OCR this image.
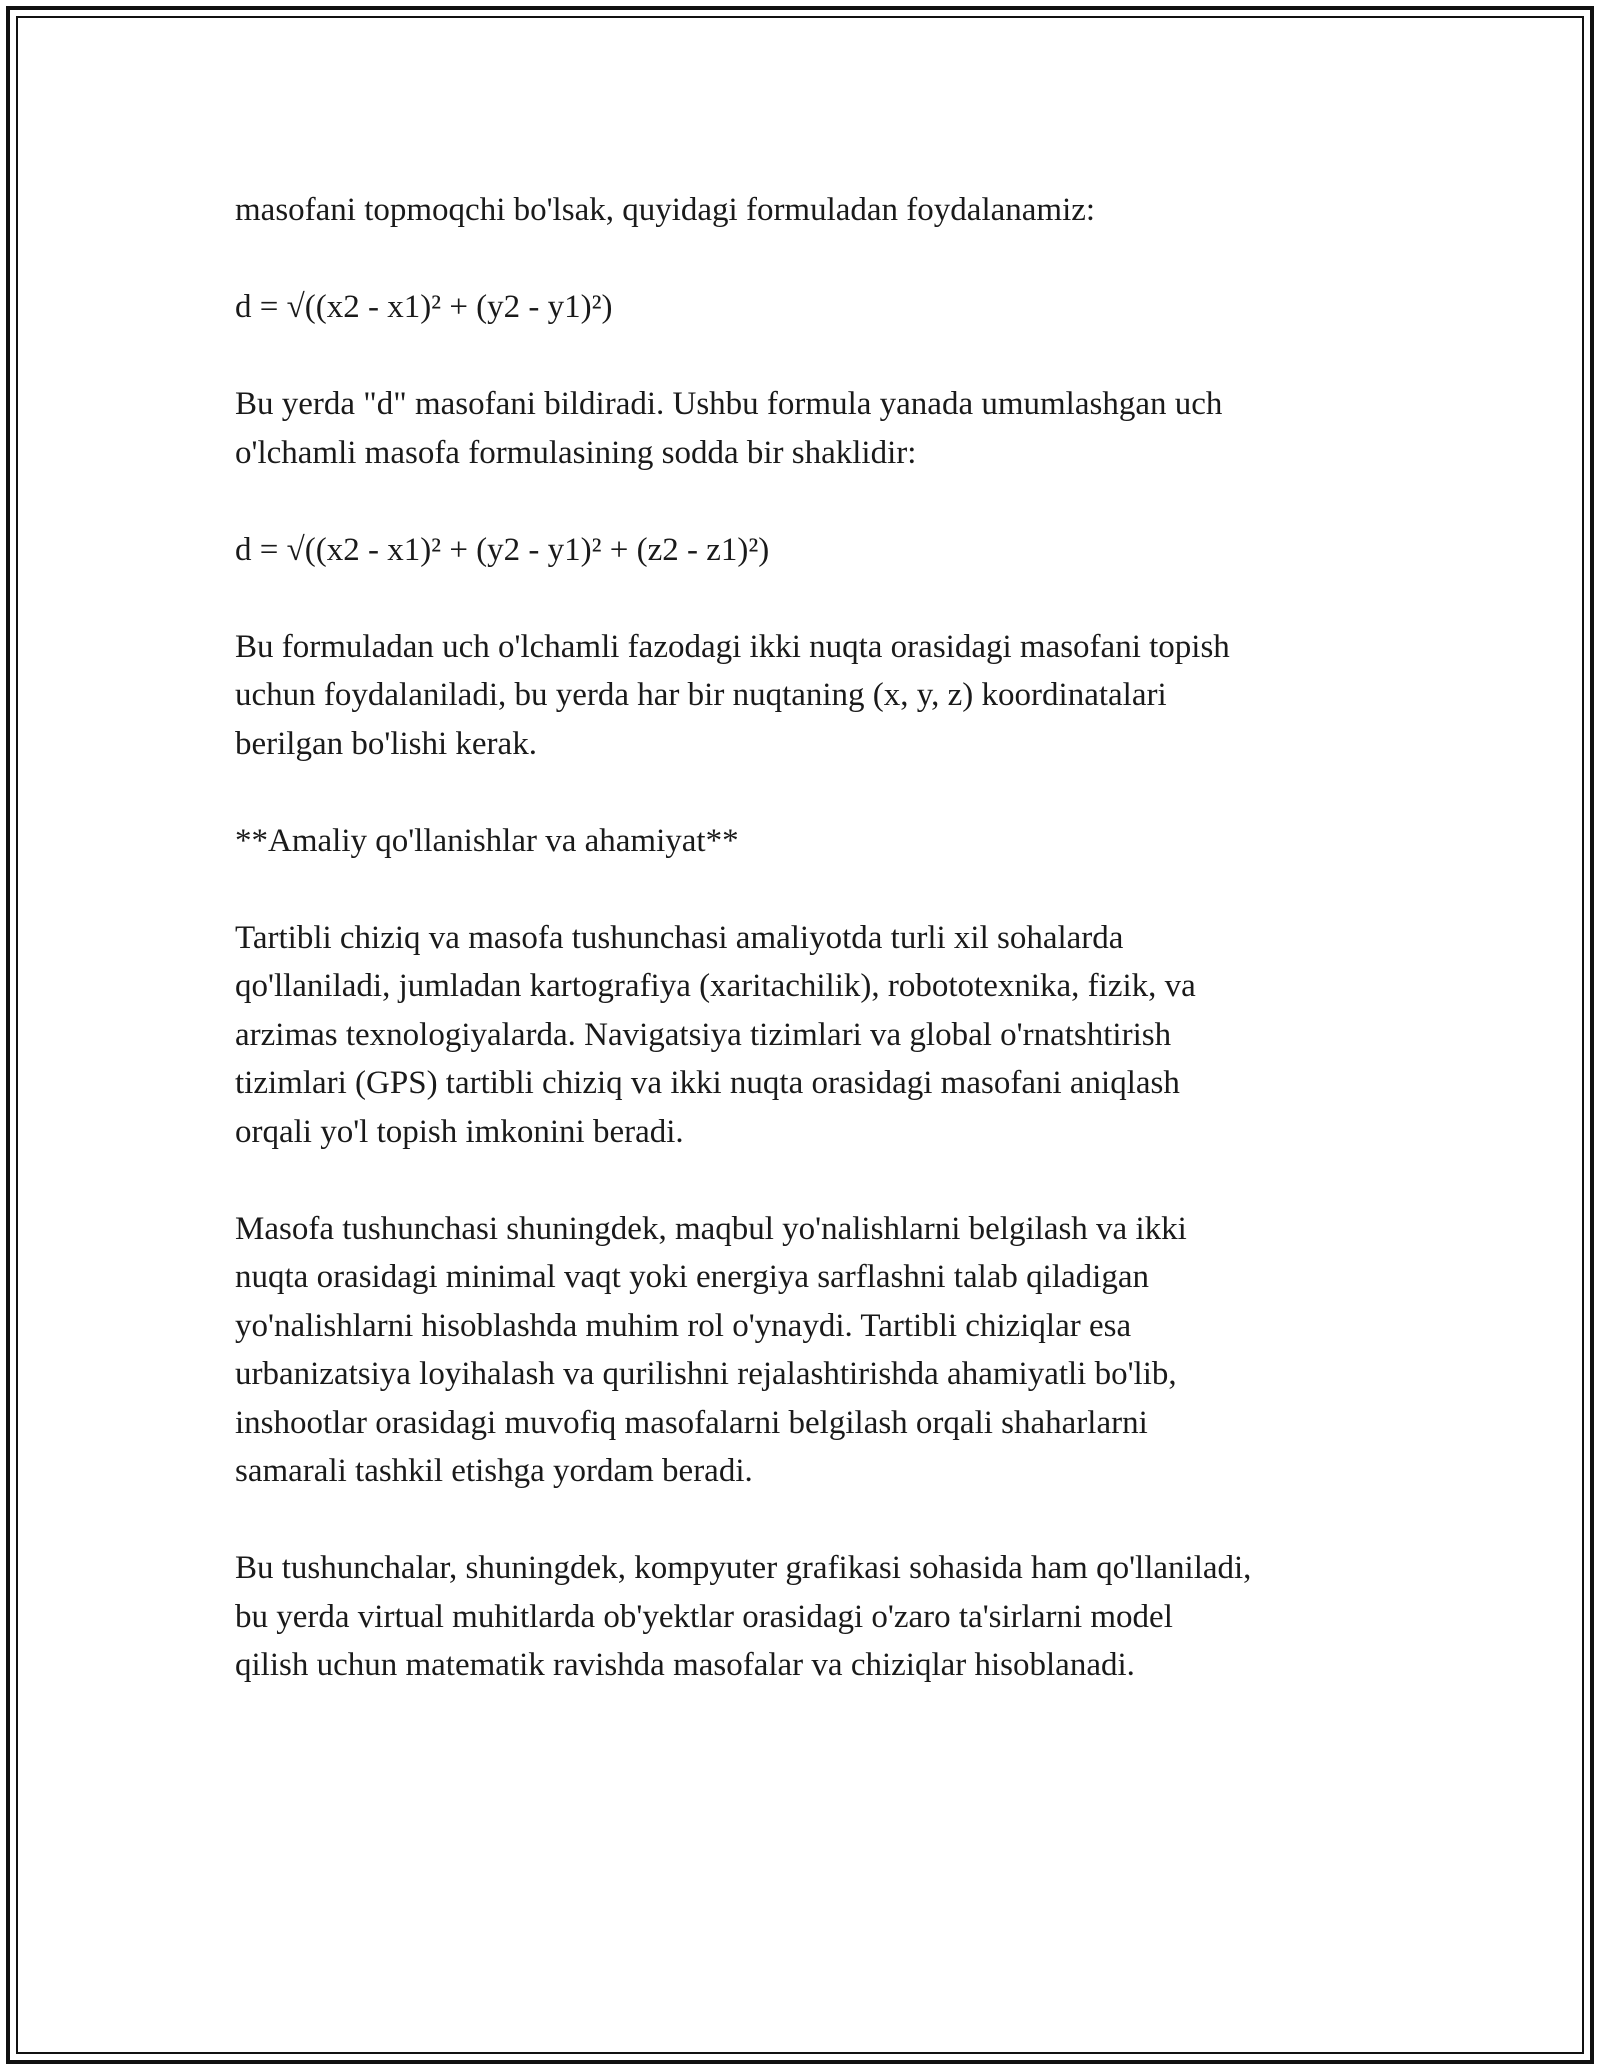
masofani topmoqchi bo'lsak, quyidagi formuladan foydalanamiz:

d = √((x2 - x1)² + (y2 - y1)²)

Bu yerda "d" masofani bildiradi. Ushbu formula yanada umumlashgan uch
o'lchamli masofa formulasining sodda bir shaklidir:

d = √((x2 - x1)² + (y2 - y1)² + (z2 - z1)²)

Bu formuladan uch o'lchamli fazodagi ikki nuqta orasidagi masofani topish
uchun foydalaniladi, bu yerda har bir nuqtaning (x, y, z) koordinatalari
berilgan bo'lishi kerak.

**Amaliy qo'llanishlar va ahamiyat**

Tartibli chiziq va masofa tushunchasi amaliyotda turli xil sohalarda
qo'llaniladi, jumladan kartografiya (xaritachilik), robototexnika, fizik, va
arzimas texnologiyalarda. Navigatsiya tizimlari va global o'rnatshtirish
tizimlari (GPS) tartibli chiziq va ikki nuqta orasidagi masofani aniqlash
orqali yo'l topish imkonini beradi.

Masofa tushunchasi shuningdek, maqbul yo'nalishlarni belgilash va ikki
nuqta orasidagi minimal vaqt yoki energiya sarflashni talab qiladigan
yo'nalishlarni hisoblashda muhim rol o'ynaydi. Tartibli chiziqlar esa
urbanizatsiya loyihalash va qurilishni rejalashtirishda ahamiyatli bo'lib,
inshootlar orasidagi muvofiq masofalarni belgilash orqali shaharlarni
samarali tashkil etishga yordam beradi.

Bu tushunchalar, shuningdek, kompyuter grafikasi sohasida ham qo'llaniladi,
bu yerda virtual muhitlarda ob'yektlar orasidagi o'zaro ta'sirlarni model
qilish uchun matematik ravishda masofalar va chiziqlar hisoblanadi.
